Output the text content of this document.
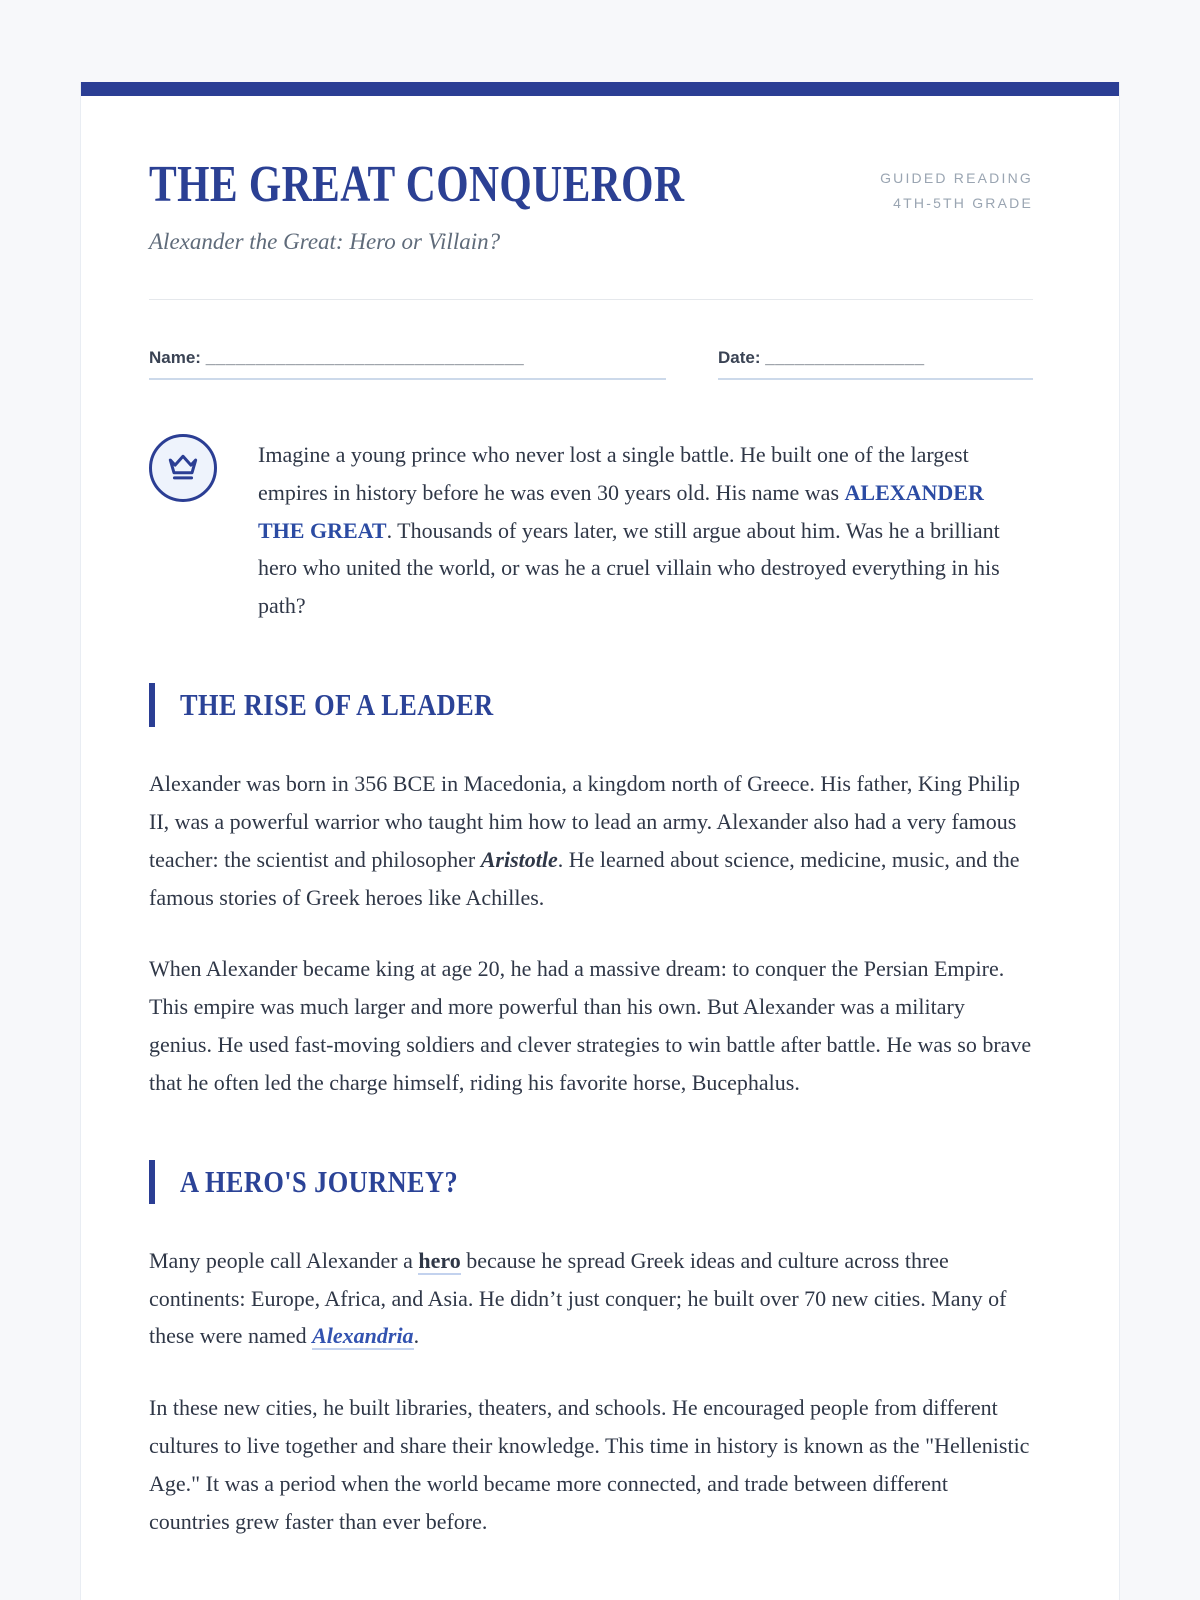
THE GREAT CONQUEROR	GUIDED READING
4TH-5TH GRADE
Alexander the Great: Hero or Villain?
Name: ________________________________	Date: ________________
Imagine a young prince who never lost a single battle. He built one of the largest empires in history before he was even 30 years old. His name was ALEXANDER THE GREAT. Thousands of years later, we still argue about him. Was he a brilliant hero who united the world, or was he a cruel villain who destroyed everything in his path?
THE RISE OF A LEADER

Alexander was born in 356 BCE in Macedonia, a kingdom north of Greece. His father, King Philip II, was a powerful warrior who taught him how to lead an army. Alexander also had a very famous teacher: the scientist and philosopher Aristotle. He learned about science, medicine, music, and the famous stories of Greek heroes like Achilles.

When Alexander became king at age 20, he had a massive dream: to conquer the Persian Empire. This empire was much larger and more powerful than his own. But Alexander was a military genius. He used fast-moving soldiers and clever strategies to win battle after battle. He was so brave that he often led the charge himself, riding his favorite horse, Bucephalus.

A HERO'S JOURNEY?

Many people call Alexander a hero because he spread Greek ideas and culture across three continents: Europe, Africa, and Asia. He didn’t just conquer; he built over 70 new cities. Many of these were named Alexandria.

In these new cities, he built libraries, theaters, and schools. He encouraged people from different cultures to live together and share their knowledge. This time in history is known as the "Hellenistic Age." It was a period when the world became more connected, and trade between different countries grew faster than ever before.
